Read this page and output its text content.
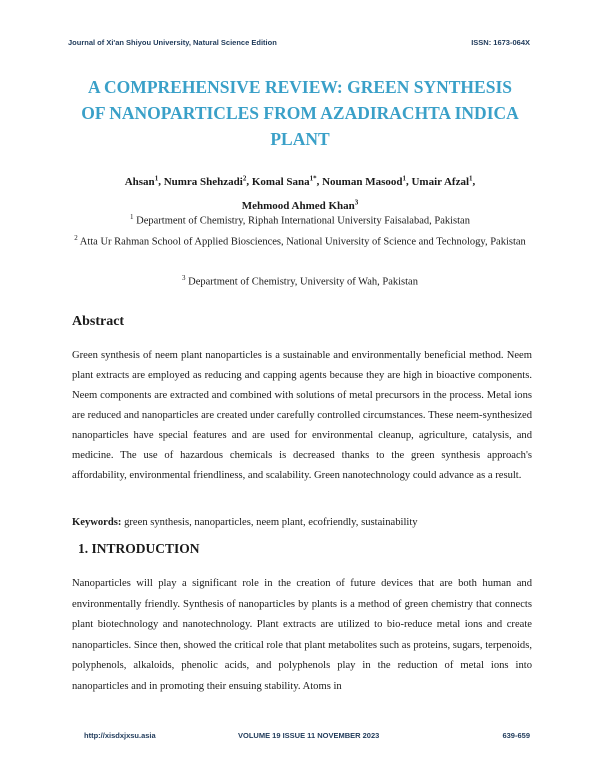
Journal of Xi'an Shiyou University, Natural Science Edition	ISSN: 1673-064X
A COMPREHENSIVE REVIEW: GREEN SYNTHESIS OF NANOPARTICLES FROM AZADIRACHTA INDICA PLANT
Ahsan$^1$, Numra Shehzadi$^2$, Komal Sana$^{1*}$, Nouman Masood$^1$, Umair Afzal$^1$,
Mehmood Ahmed Khan$^3$
$^1$ Department of Chemistry, Riphah International University Faisalabad, Pakistan
$^2$ Atta Ur Rahman School of Applied Biosciences, National University of Science and Technology, Pakistan
$^3$ Department of Chemistry, University of Wah, Pakistan
Abstract
Green synthesis of neem plant nanoparticles is a sustainable and environmentally beneficial method. Neem plant extracts are employed as reducing and capping agents because they are high in bioactive components. Neem components are extracted and combined with solutions of metal precursors in the process. Metal ions are reduced and nanoparticles are created under carefully controlled circumstances. These neem-synthesized nanoparticles have special features and are used for environmental cleanup, agriculture, catalysis, and medicine. The use of hazardous chemicals is decreased thanks to the green synthesis approach's affordability, environmental friendliness, and scalability. Green nanotechnology could advance as a result.
Keywords: green synthesis, nanoparticles, neem plant, ecofriendly, sustainability
1. INTRODUCTION
Nanoparticles will play a significant role in the creation of future devices that are both human and environmentally friendly. Synthesis of nanoparticles by plants is a method of green chemistry that connects plant biotechnology and nanotechnology. Plant extracts are utilized to bio-reduce metal ions and create nanoparticles. Since then, showed the critical role that plant metabolites such as proteins, sugars, terpenoids, polyphenols, alkaloids, phenolic acids, and polyphenols play in the reduction of metal ions into nanoparticles and in promoting their ensuing stability. Atoms in
http://xisdxjxsu.asia	VOLUME 19 ISSUE 11 NOVEMBER 2023	639-659
